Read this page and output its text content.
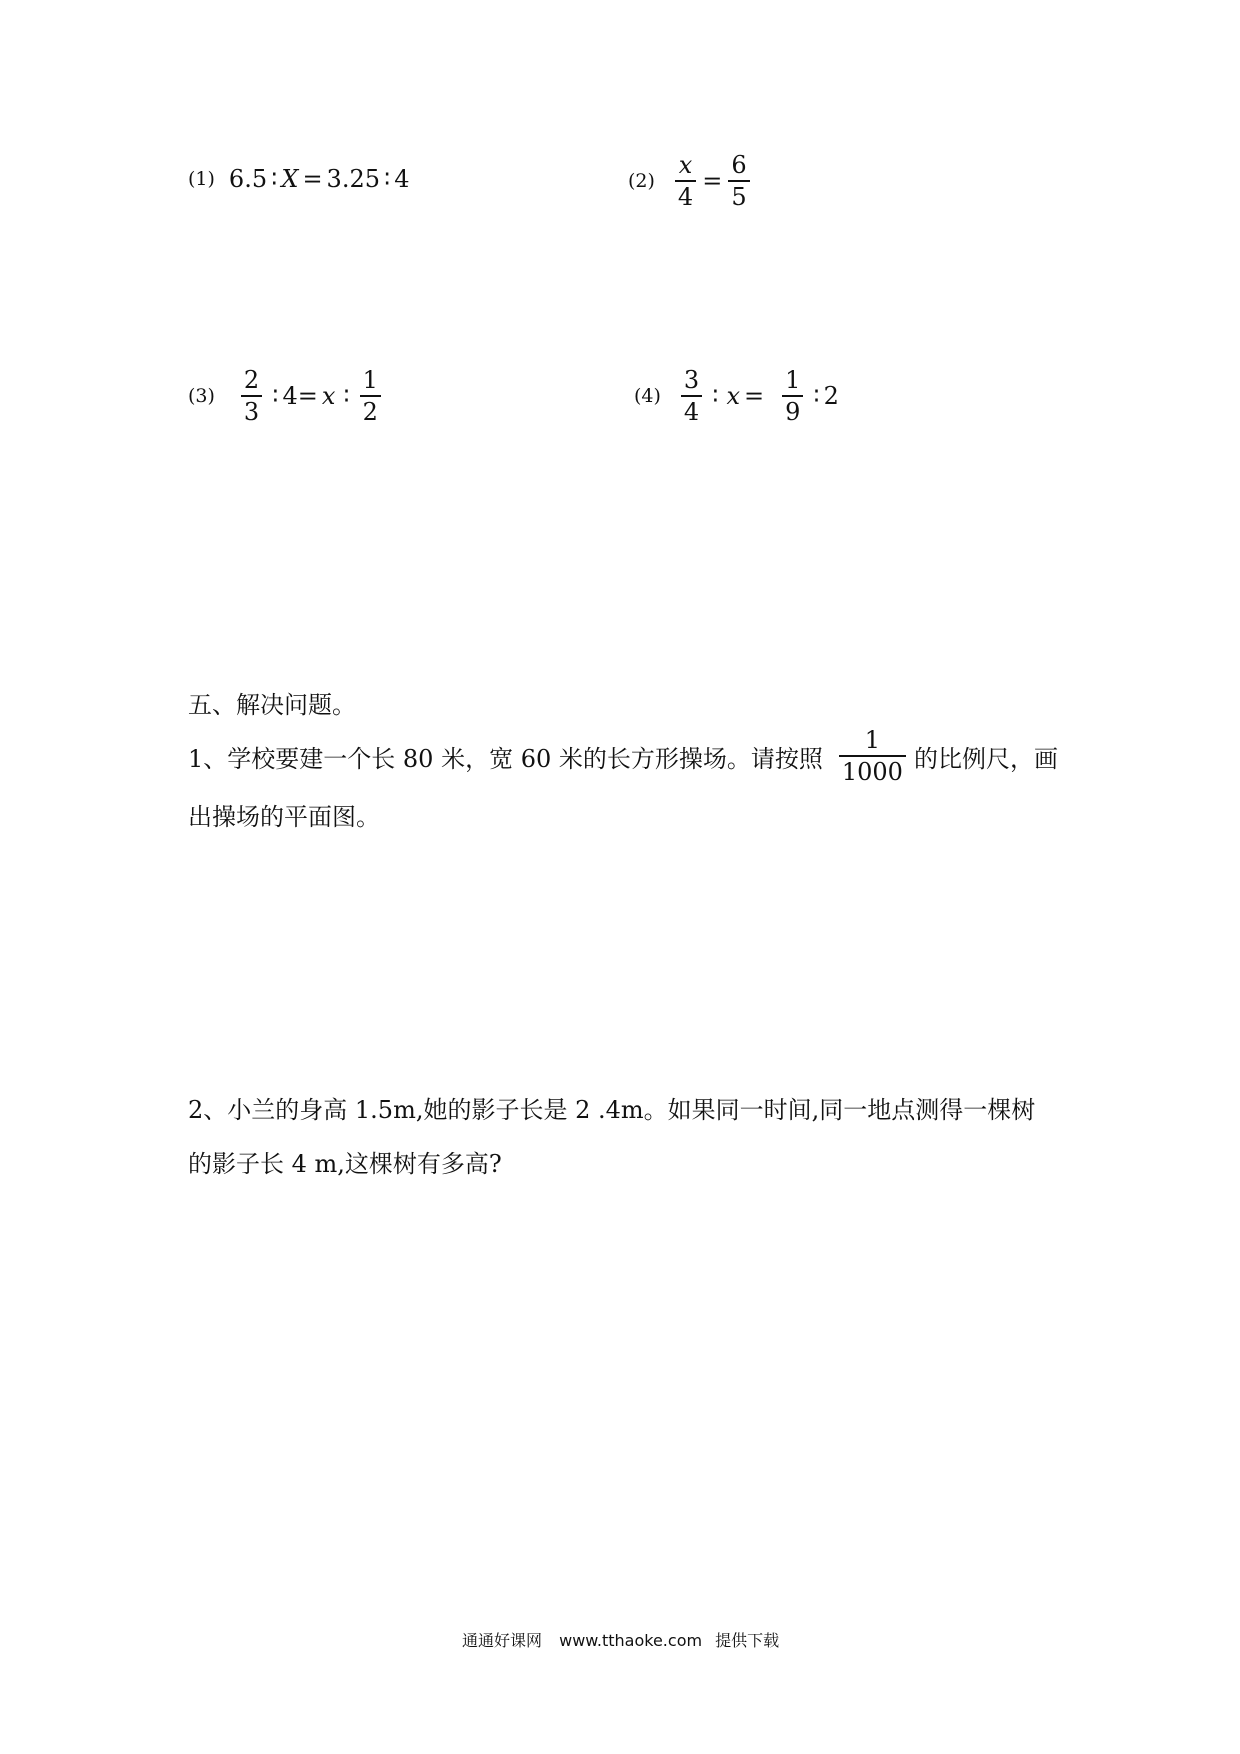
(1) 6.5 ∶ X = 3.25 ∶ 4	$(2) \frac{x}{4} = \frac{6}{5}$
$(3) \frac{2}{3}$ ∶ 4 = x ∶ $\frac{1}{2}$	$(4) \frac{3}{4}$ ∶ $x = \frac{1}{9}$ ∶ 2
五、解决问题。
1、学校要建一个长 80 米，宽 60 米的长方形操场。请按照 $\frac{1}{1000}$ 的比例尺，画
出操场的平面图。
2、小兰的身高 1.5m,她的影子长是 2 .4m。如果同一时间,同一地点测得一棵树
的影子长 4 m,这棵树有多高?
通通好课网 www.tthaoke.com 提供下载
